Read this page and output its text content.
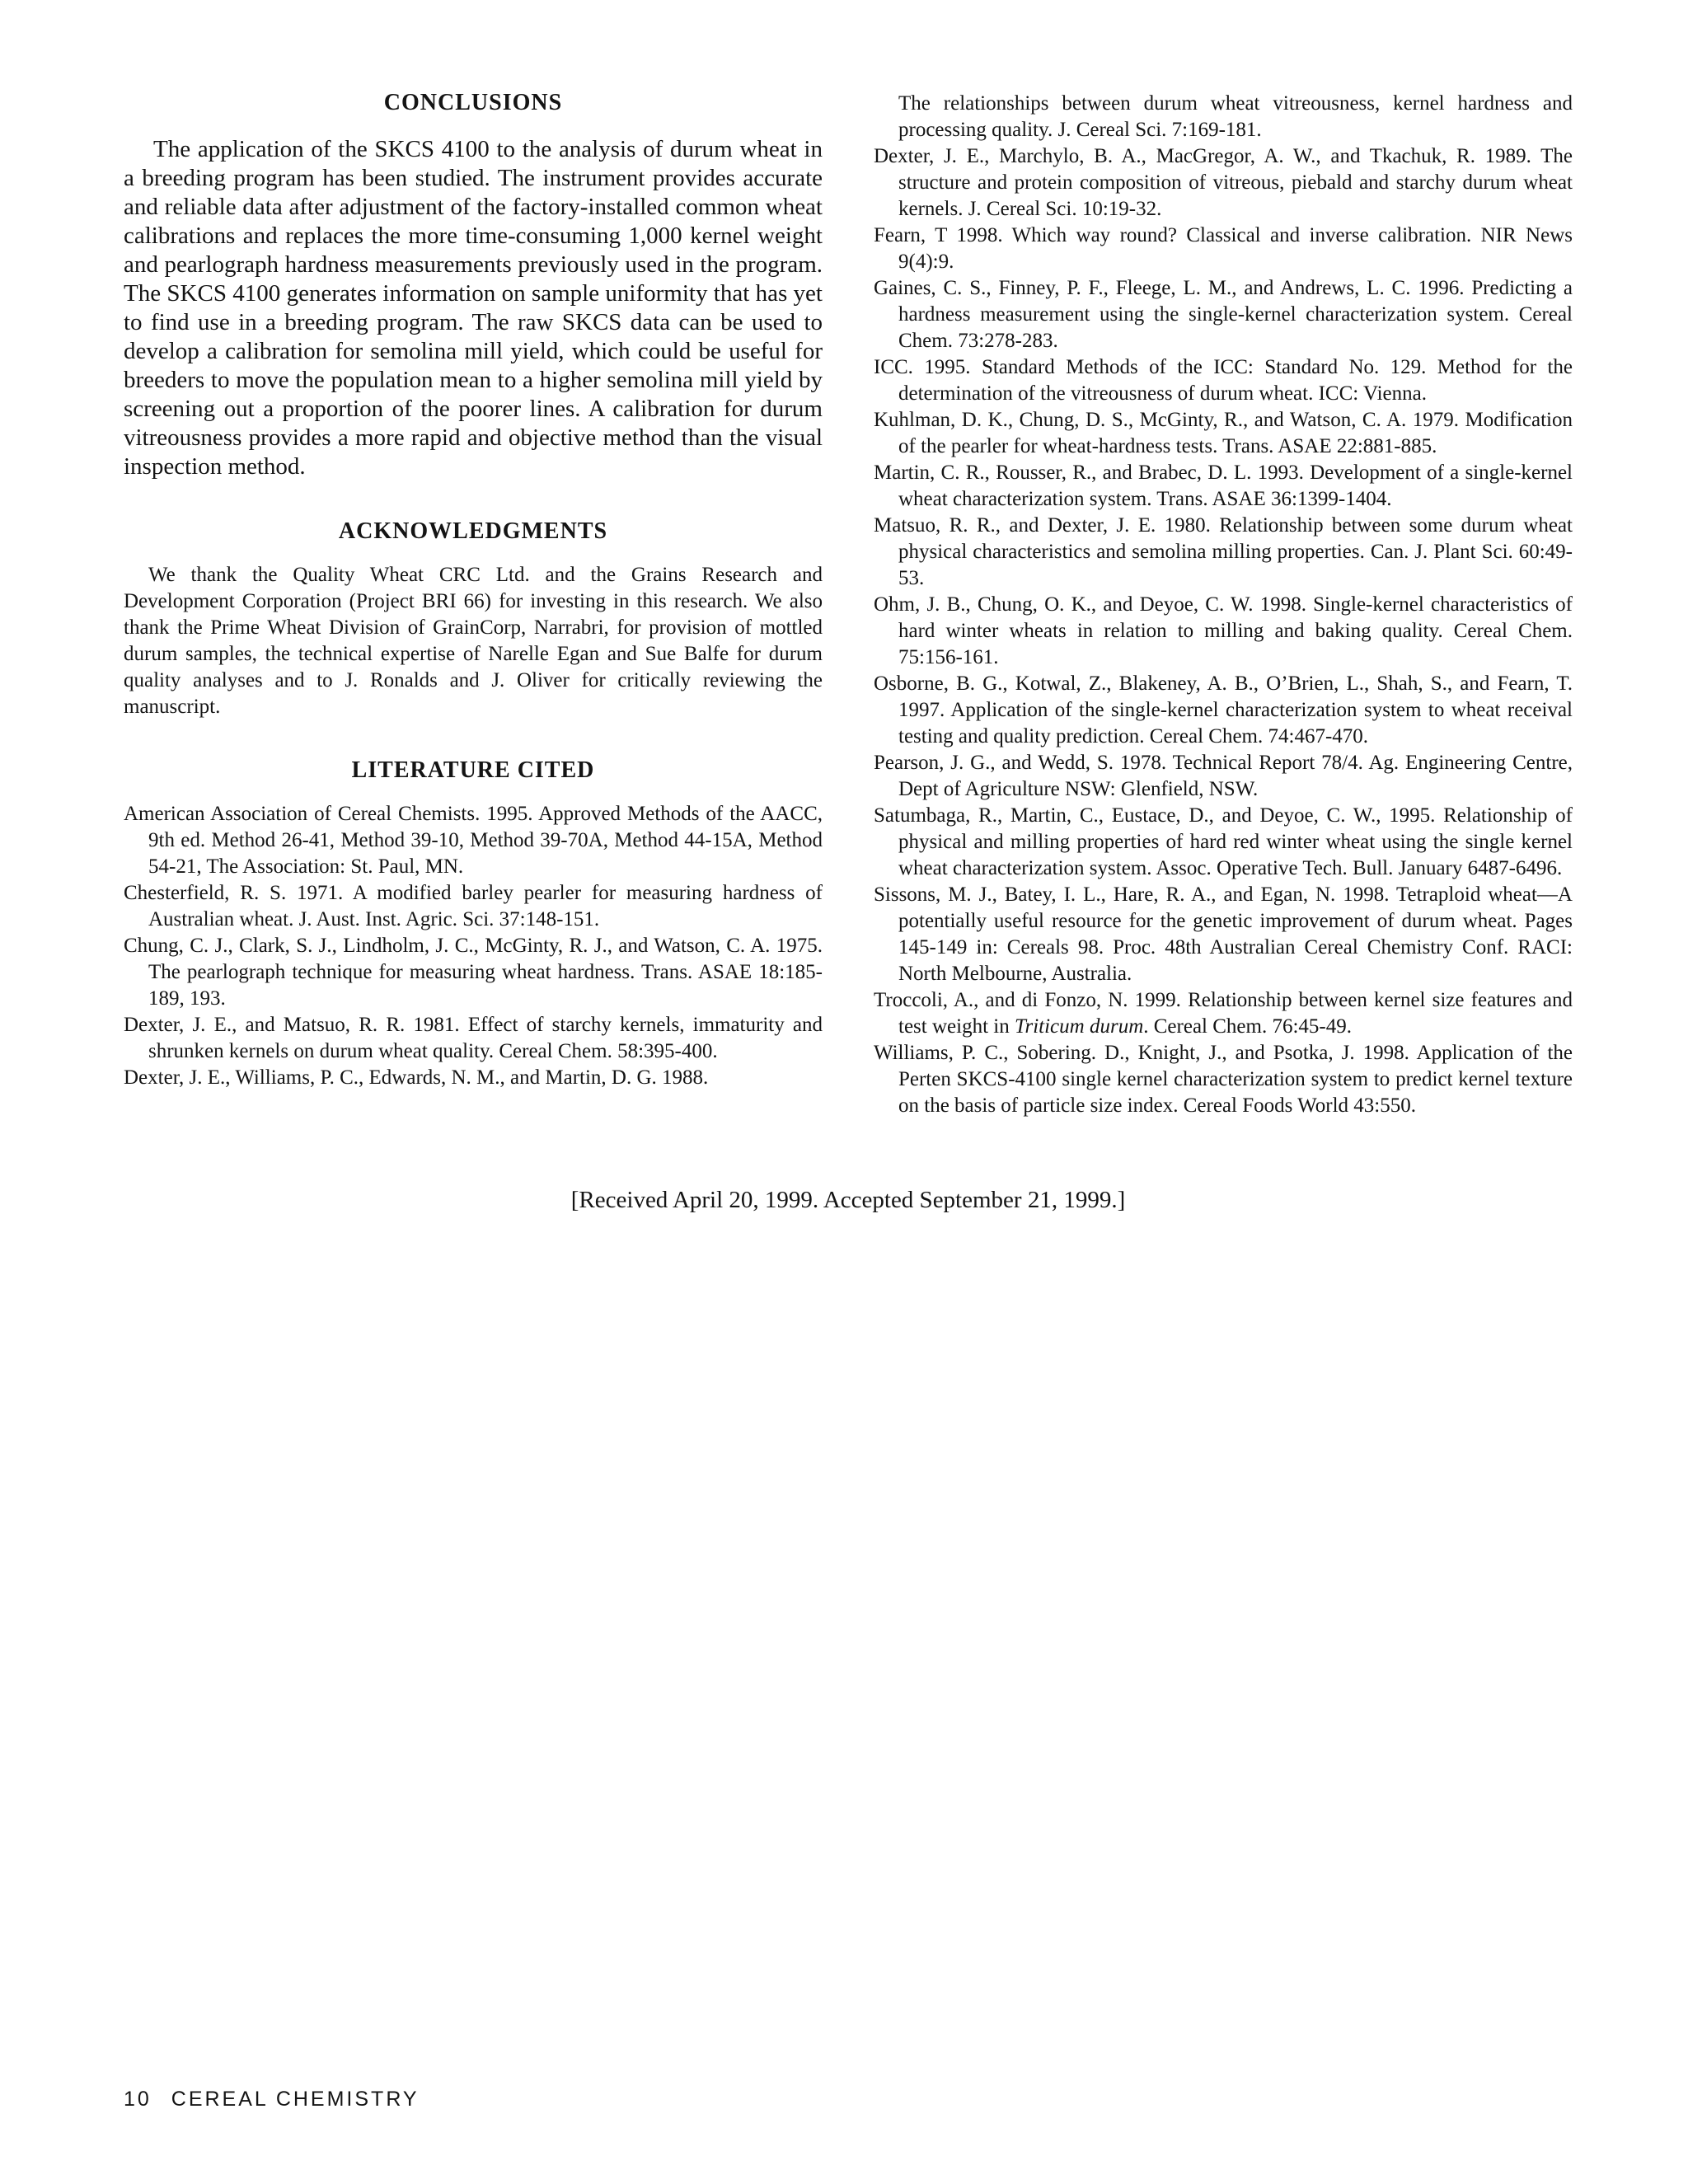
CONCLUSIONS

The application of the SKCS 4100 to the analysis of durum wheat in a breeding program has been studied. The instrument provides accurate and reliable data after adjustment of the factory-installed common wheat calibrations and replaces the more time-consuming 1,000 kernel weight and pearlograph hardness measurements previously used in the program. The SKCS 4100 generates information on sample uniformity that has yet to find use in a breeding program. The raw SKCS data can be used to develop a calibration for semolina mill yield, which could be useful for breeders to move the population mean to a higher semolina mill yield by screening out a proportion of the poorer lines. A calibration for durum vitreousness provides a more rapid and objective method than the visual inspection method.

ACKNOWLEDGMENTS

We thank the Quality Wheat CRC Ltd. and the Grains Research and Development Corporation (Project BRI 66) for investing in this research. We also thank the Prime Wheat Division of GrainCorp, Narrabri, for provision of mottled durum samples, the technical expertise of Narelle Egan and Sue Balfe for durum quality analyses and to J. Ronalds and J. Oliver for critically reviewing the manuscript.

LITERATURE CITED

American Association of Cereal Chemists. 1995. Approved Methods of the AACC, 9th ed. Method 26-41, Method 39-10, Method 39-70A, Method 44-15A, Method 54-21, The Association: St. Paul, MN.

Chesterfield, R. S. 1971. A modified barley pearler for measuring hardness of Australian wheat. J. Aust. Inst. Agric. Sci. 37:148-151.

Chung, C. J., Clark, S. J., Lindholm, J. C., McGinty, R. J., and Watson, C. A. 1975. The pearlograph technique for measuring wheat hardness. Trans. ASAE 18:185-189, 193.

Dexter, J. E., and Matsuo, R. R. 1981. Effect of starchy kernels, immaturity and shrunken kernels on durum wheat quality. Cereal Chem. 58:395-400.

Dexter, J. E., Williams, P. C., Edwards, N. M., and Martin, D. G. 1988.

The relationships between durum wheat vitreousness, kernel hardness and processing quality. J. Cereal Sci. 7:169-181.

Dexter, J. E., Marchylo, B. A., MacGregor, A. W., and Tkachuk, R. 1989. The structure and protein composition of vitreous, piebald and starchy durum wheat kernels. J. Cereal Sci. 10:19-32.

Fearn, T 1998. Which way round? Classical and inverse calibration. NIR News 9(4):9.

Gaines, C. S., Finney, P. F., Fleege, L. M., and Andrews, L. C. 1996. Predicting a hardness measurement using the single-kernel characterization system. Cereal Chem. 73:278-283.

ICC. 1995. Standard Methods of the ICC: Standard No. 129. Method for the determination of the vitreousness of durum wheat. ICC: Vienna.

Kuhlman, D. K., Chung, D. S., McGinty, R., and Watson, C. A. 1979. Modification of the pearler for wheat-hardness tests. Trans. ASAE 22:881-885.

Martin, C. R., Rousser, R., and Brabec, D. L. 1993. Development of a single-kernel wheat characterization system. Trans. ASAE 36:1399-1404.

Matsuo, R. R., and Dexter, J. E. 1980. Relationship between some durum wheat physical characteristics and semolina milling properties. Can. J. Plant Sci. 60:49-53.

Ohm, J. B., Chung, O. K., and Deyoe, C. W. 1998. Single-kernel characteristics of hard winter wheats in relation to milling and baking quality. Cereal Chem. 75:156-161.

Osborne, B. G., Kotwal, Z., Blakeney, A. B., O’Brien, L., Shah, S., and Fearn, T. 1997. Application of the single-kernel characterization system to wheat receival testing and quality prediction. Cereal Chem. 74:467-470.

Pearson, J. G., and Wedd, S. 1978. Technical Report 78/4. Ag. Engineering Centre, Dept of Agriculture NSW: Glenfield, NSW.

Satumbaga, R., Martin, C., Eustace, D., and Deyoe, C. W., 1995. Relationship of physical and milling properties of hard red winter wheat using the single kernel wheat characterization system. Assoc. Operative Tech. Bull. January 6487-6496.

Sissons, M. J., Batey, I. L., Hare, R. A., and Egan, N. 1998. Tetraploid wheat—A potentially useful resource for the genetic improvement of durum wheat. Pages 145-149 in: Cereals 98. Proc. 48th Australian Cereal Chemistry Conf. RACI: North Melbourne, Australia.

Troccoli, A., and di Fonzo, N. 1999. Relationship between kernel size features and test weight in Triticum durum. Cereal Chem. 76:45-49.

Williams, P. C., Sobering. D., Knight, J., and Psotka, J. 1998. Application of the Perten SKCS-4100 single kernel characterization system to predict kernel texture on the basis of particle size index. Cereal Foods World 43:550.

[Received April 20, 1999. Accepted September 21, 1999.]
10 CEREAL CHEMISTRY
